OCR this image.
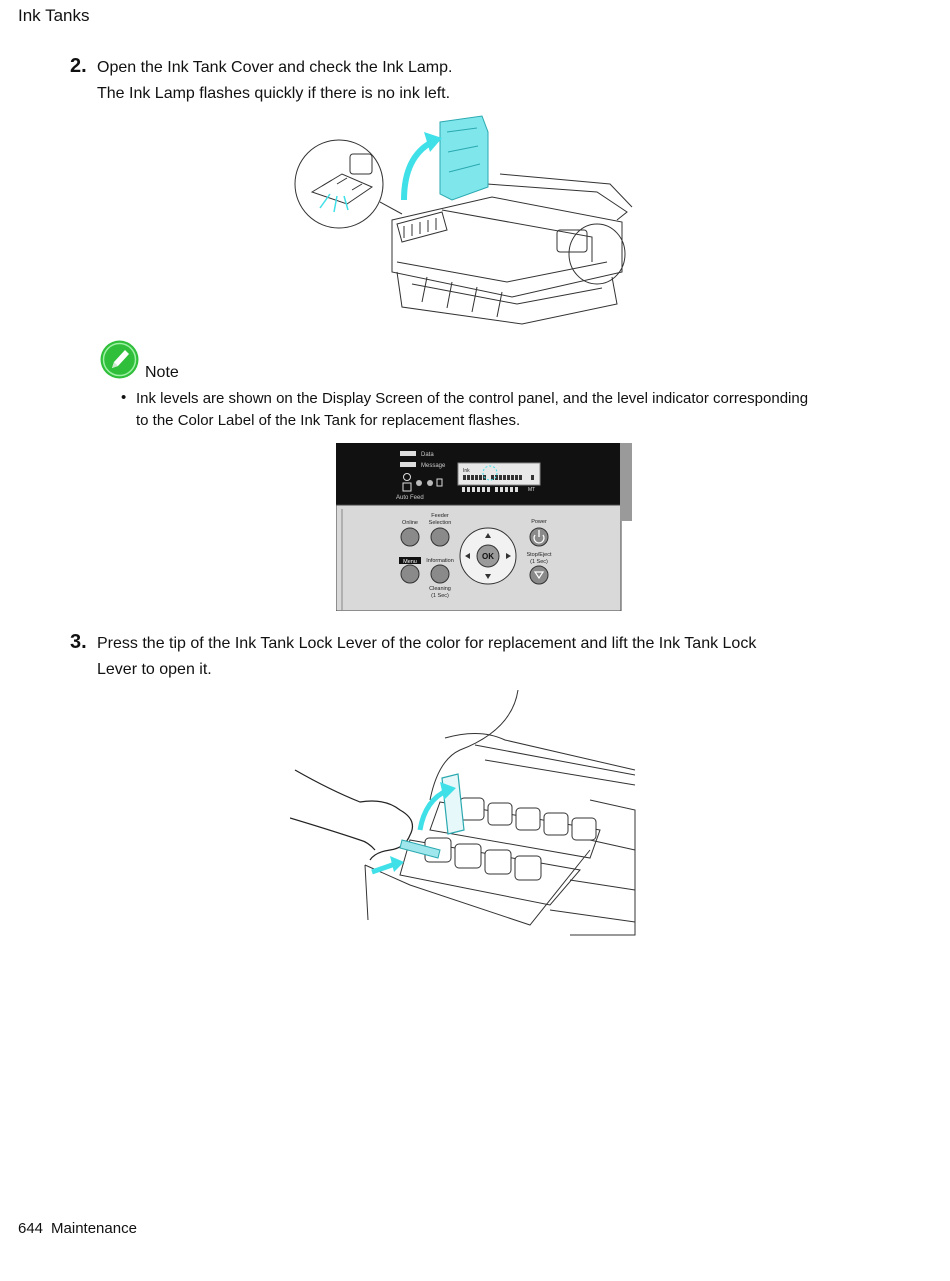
Ink Tanks
2. Open the Ink Tank Cover and check the Ink Lamp.
The Ink Lamp flashes quickly if there is no ink left.
Note
• Ink levels are shown on the Display Screen of the control panel, and the level indicator corresponding
to the Color Label of the Ink Tank for replacement flashes.
Data
Message
Auto Feed
Ink
MT
Online
Feeder
Selection
Menu Information
Cleaning
(1 Sec)
OK
Power
Stop/Eject
(1 Sec)
3. Press the tip of the Ink Tank Lock Lever of the color for replacement and lift the Ink Tank Lock
Lever to open it.
644 Maintenance
